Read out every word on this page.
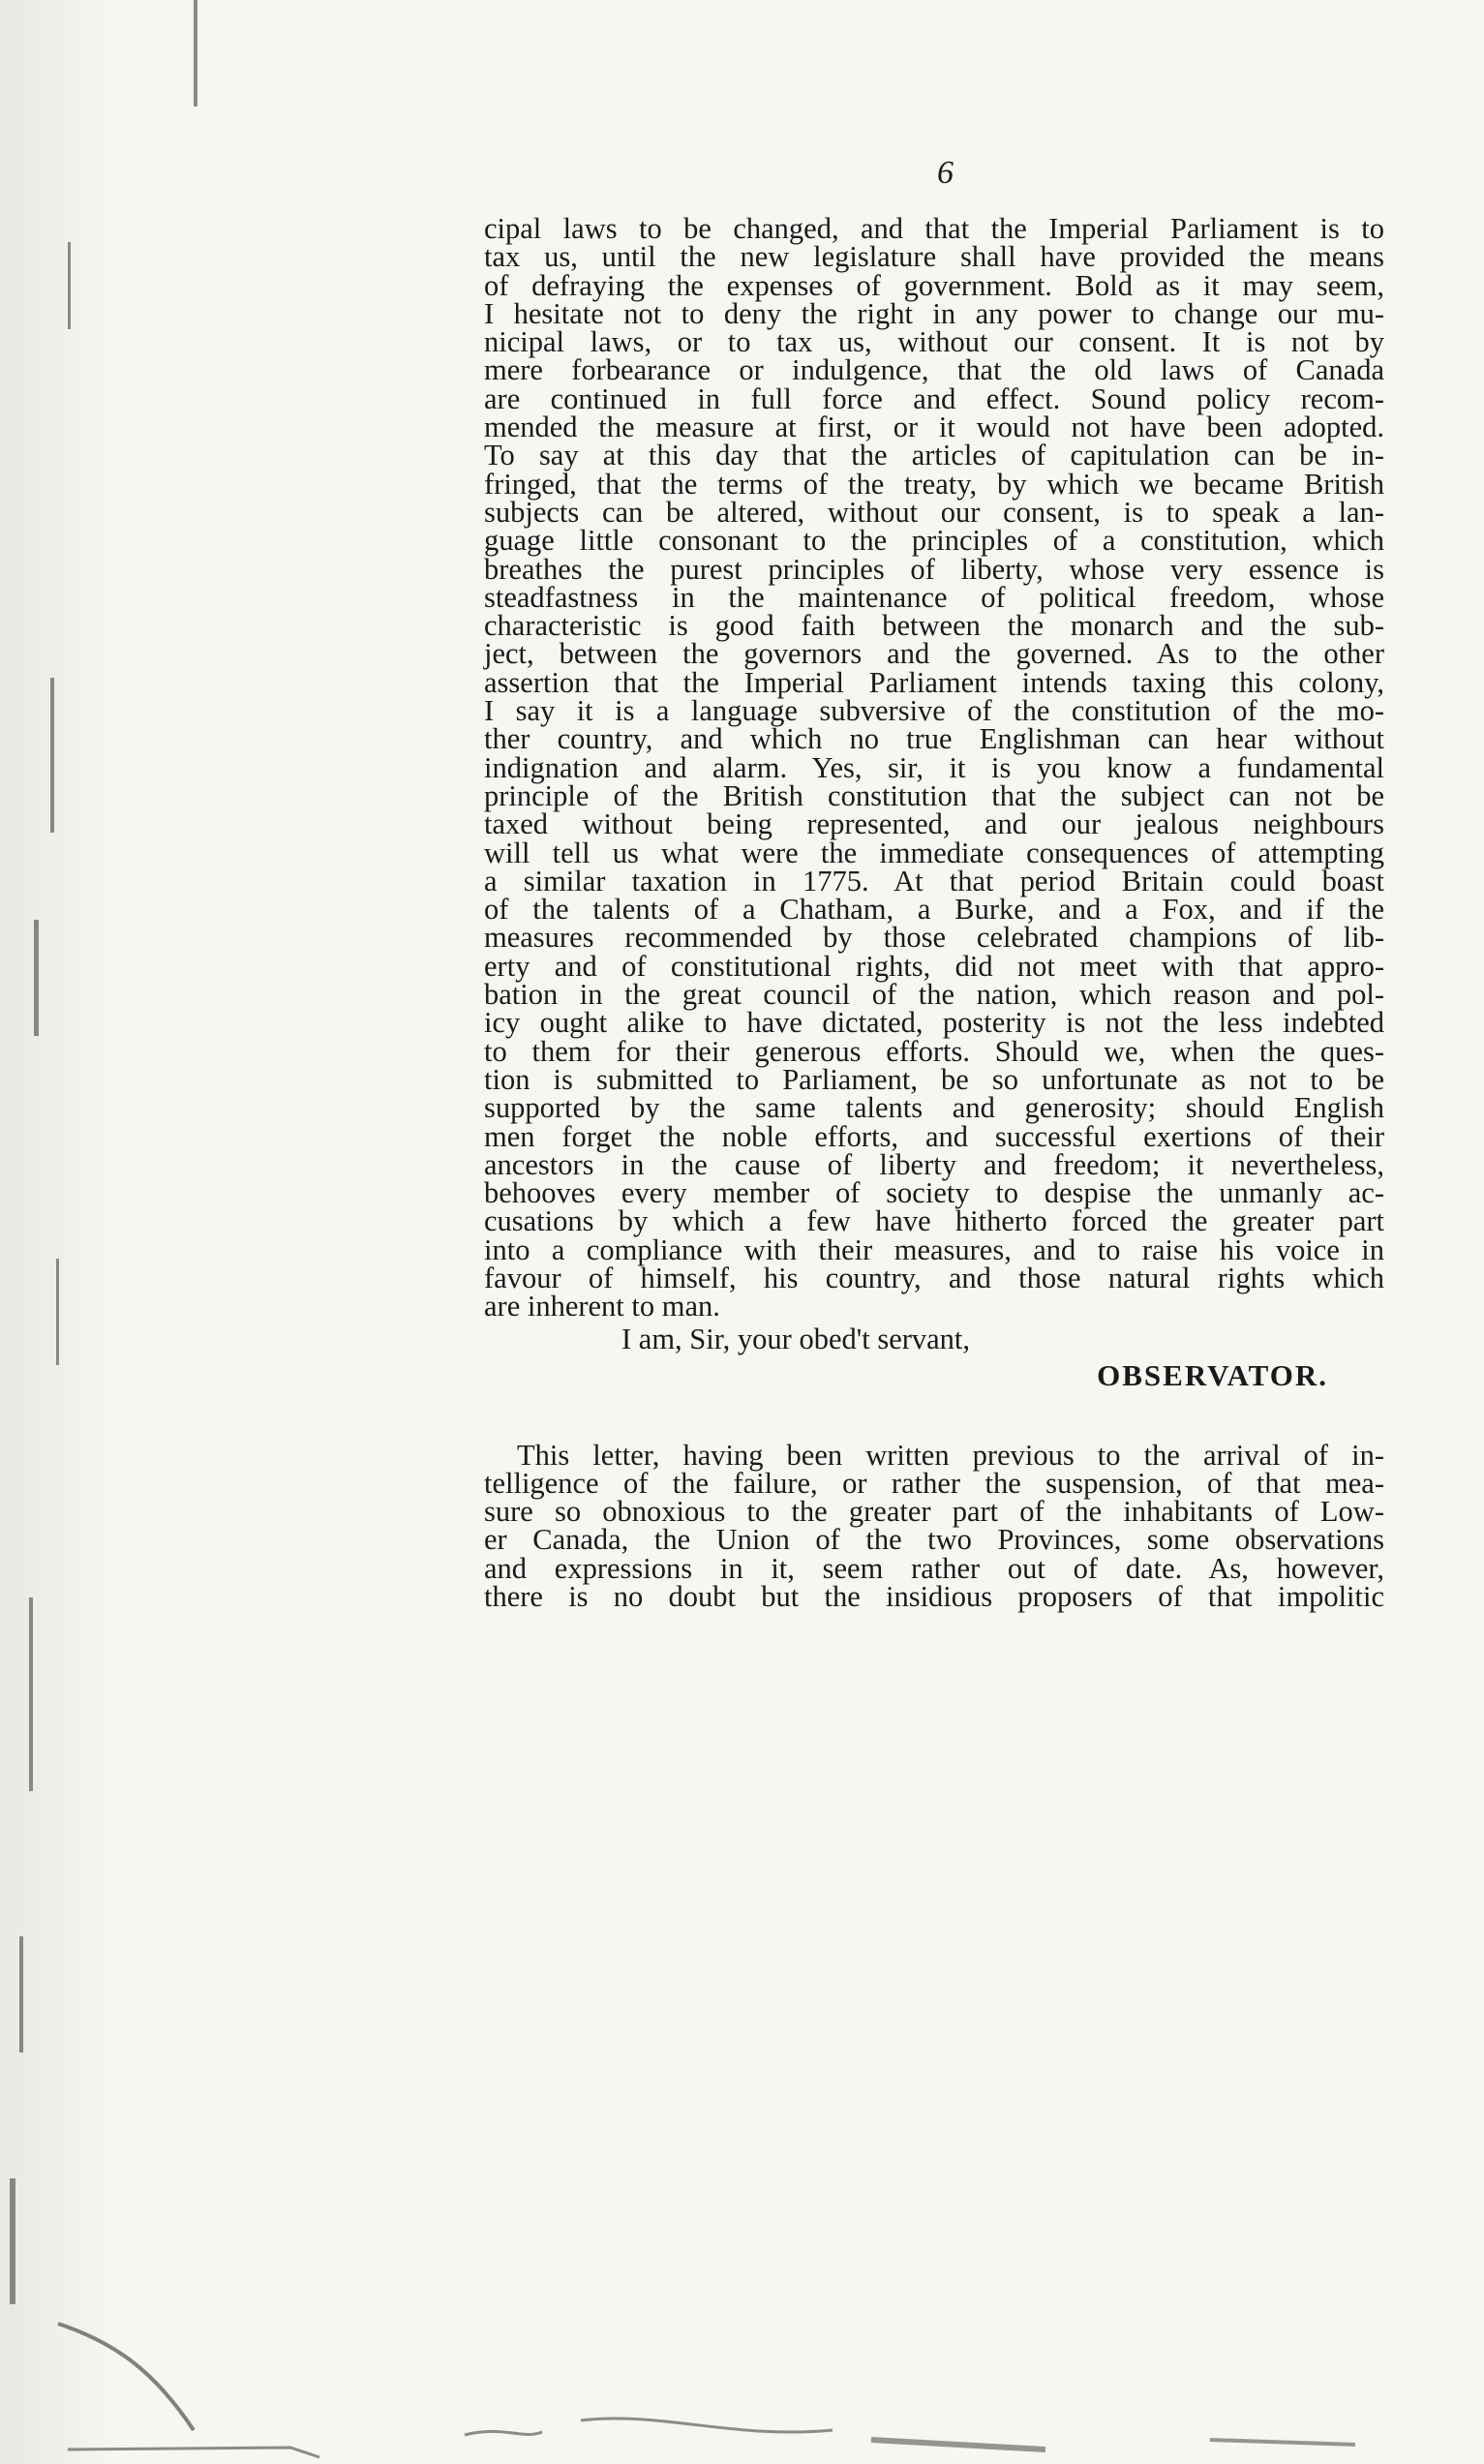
6
cipal laws to be changed, and that the Imperial Parliament is to
tax us, until the new legislature shall have provided the means
of defraying the expenses of government. Bold as it may seem,
I hesitate not to deny the right in any power to change our mu-
nicipal laws, or to tax us, without our consent. It is not by
mere forbearance or indulgence, that the old laws of Canada
are continued in full force and effect. Sound policy recom-
mended the measure at first, or it would not have been adopted.
To say at this day that the articles of capitulation can be in-
fringed, that the terms of the treaty, by which we became British
subjects can be altered, without our consent, is to speak a lan-
guage little consonant to the principles of a constitution, which
breathes the purest principles of liberty, whose very essence is
steadfastness in the maintenance of political freedom, whose
characteristic is good faith between the monarch and the sub-
ject, between the governors and the governed. As to the other
assertion that the Imperial Parliament intends taxing this colony,
I say it is a language subversive of the constitution of the mo-
ther country, and which no true Englishman can hear without
indignation and alarm. Yes, sir, it is you know a fundamental
principle of the British constitution that the subject can not be
taxed without being represented, and our jealous neighbours
will tell us what were the immediate consequences of attempting
a similar taxation in 1775. At that period Britain could boast
of the talents of a Chatham, a Burke, and a Fox, and if the
measures recommended by those celebrated champions of lib-
erty and of constitutional rights, did not meet with that appro-
bation in the great council of the nation, which reason and pol-
icy ought alike to have dictated, posterity is not the less indebted
to them for their generous efforts. Should we, when the ques-
tion is submitted to Parliament, be so unfortunate as not to be
supported by the same talents and generosity; should English
men forget the noble efforts, and successful exertions of their
ancestors in the cause of liberty and freedom; it nevertheless,
behooves every member of society to despise the unmanly ac-
cusations by which a few have hitherto forced the greater part
into a compliance with their measures, and to raise his voice in
favour of himself, his country, and those natural rights which
are inherent to man.
I am, Sir, your obed't servant,
OBSERVATOR.
This letter, having been written previous to the arrival of in-
telligence of the failure, or rather the suspension, of that mea-
sure so obnoxious to the greater part of the inhabitants of Low-
er Canada, the Union of the two Provinces, some observations
and expressions in it, seem rather out of date. As, however,
there is no doubt but the insidious proposers of that impolitic
